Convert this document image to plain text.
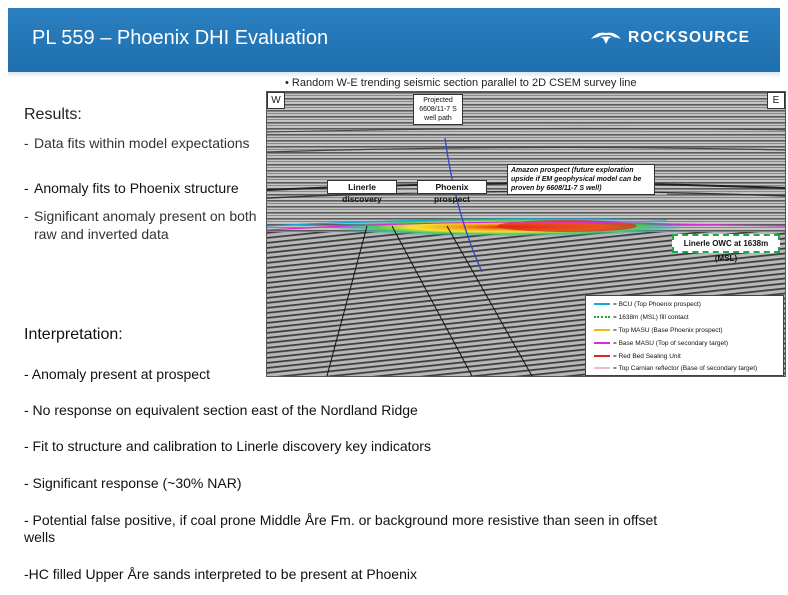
PL 559 – Phoenix DHI Evaluation	ROCKSOURCE
• Random W-E trending seismic section parallel to 2D CSEM survey line
Results:
- Data fits within model expectations
- Anomaly fits to Phoenix structure
- Significant anomaly present on both raw and inverted data
Interpretation:
- Anomaly present at prospect
- No response on equivalent section east of the Nordland Ridge
- Fit to structure and calibration to Linerle discovery key indicators
- Significant response (~30% NAR)
- Potential false positive, if coal prone Middle Åre Fm. or background more resistive than seen in offset wells
-HC filled Upper Åre sands interpreted to be present at Phoenix
W	E
Projected 6608/11-7 S well path
Linerle discovery
Phoenix prospect
Amazon prospect (future exploration upside if EM geophysical model can be proven by 6608/11-7 S well)
Linerle OWC at 1638m (MSL)
= BCU (Top Phoenix prospect)
= 1638m (MSL) fill contact
= Top MASU (Base Phoenix prospect)
= Base MASU (Top of secondary target)
= Red Bed Sealing Unit
= Top Carnian reflector (Base of secondary target)
